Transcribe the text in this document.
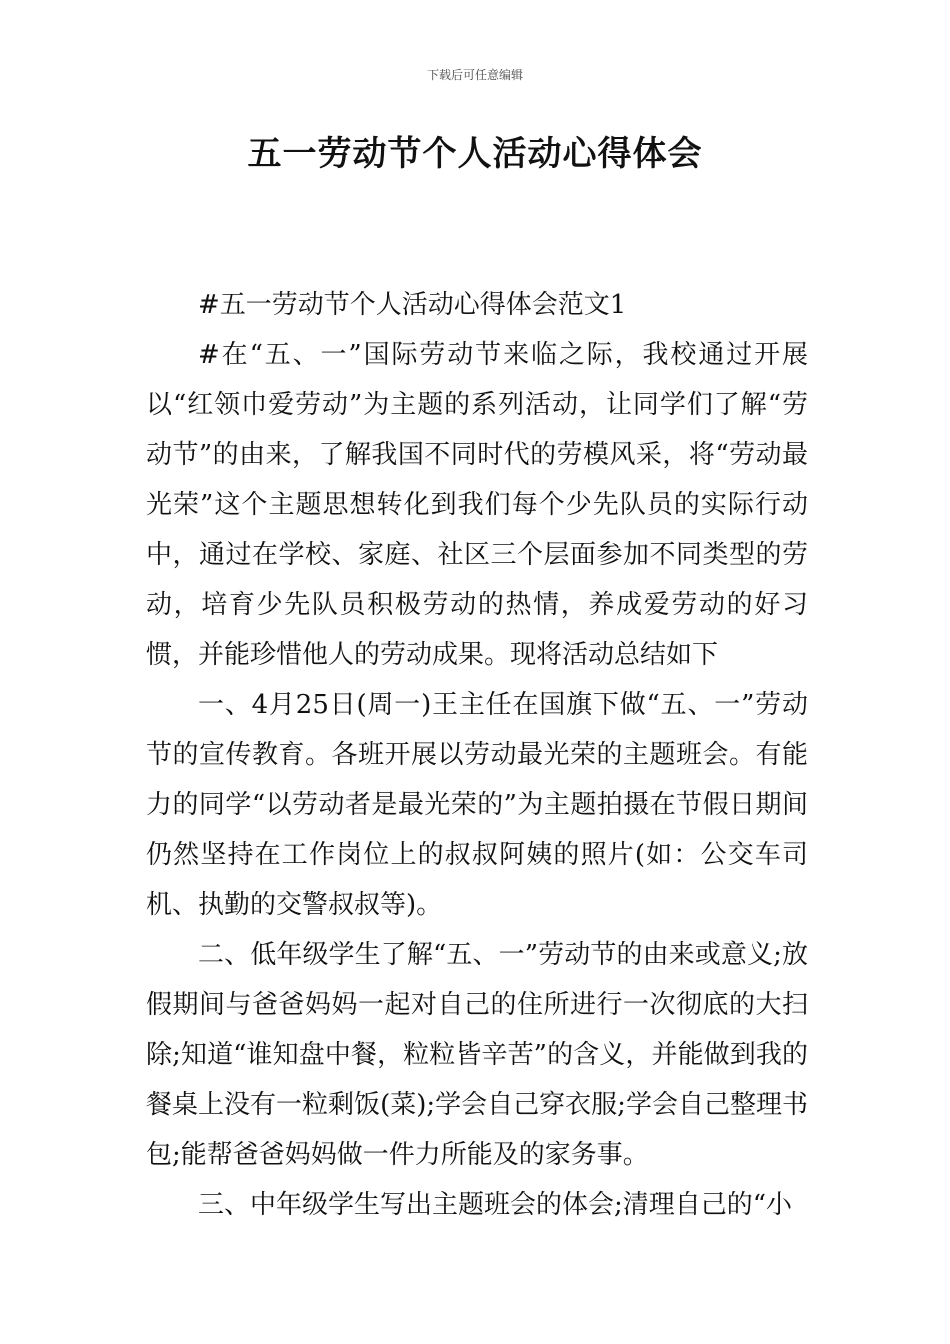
下载后可任意编辑
五一劳动节个人活动心得体会

#五一劳动节个人活动心得体会范文1

#在“五、一”国际劳动节来临之际，我校通过开展以“红领巾爱劳动”为主题的系列活动，让同学们了解“劳动节”的由来，了解我国不同时代的劳模风采，将“劳动最光荣”这个主题思想转化到我们每个少先队员的实际行动中，通过在学校、家庭、社区三个层面参加不同类型的劳动，培育少先队员积极劳动的热情，养成爱劳动的好习惯，并能珍惜他人的劳动成果。现将活动总结如下

一、4月25日(周一)王主任在国旗下做“五、一”劳动节的宣传教育。各班开展以劳动最光荣的主题班会。有能力的同学“以劳动者是最光荣的”为主题拍摄在节假日期间仍然坚持在工作岗位上的叔叔阿姨的照片(如：公交车司机、执勤的交警叔叔等)。

二、低年级学生了解“五、一”劳动节的由来或意义;放假期间与爸爸妈妈一起对自己的住所进行一次彻底的大扫除;知道“谁知盘中餐，粒粒皆辛苦”的含义，并能做到我的餐桌上没有一粒剩饭(菜);学会自己穿衣服;学会自己整理书包;能帮爸爸妈妈做一件力所能及的家务事。

三、中年级学生写出主题班会的体会;清理自己的“小
